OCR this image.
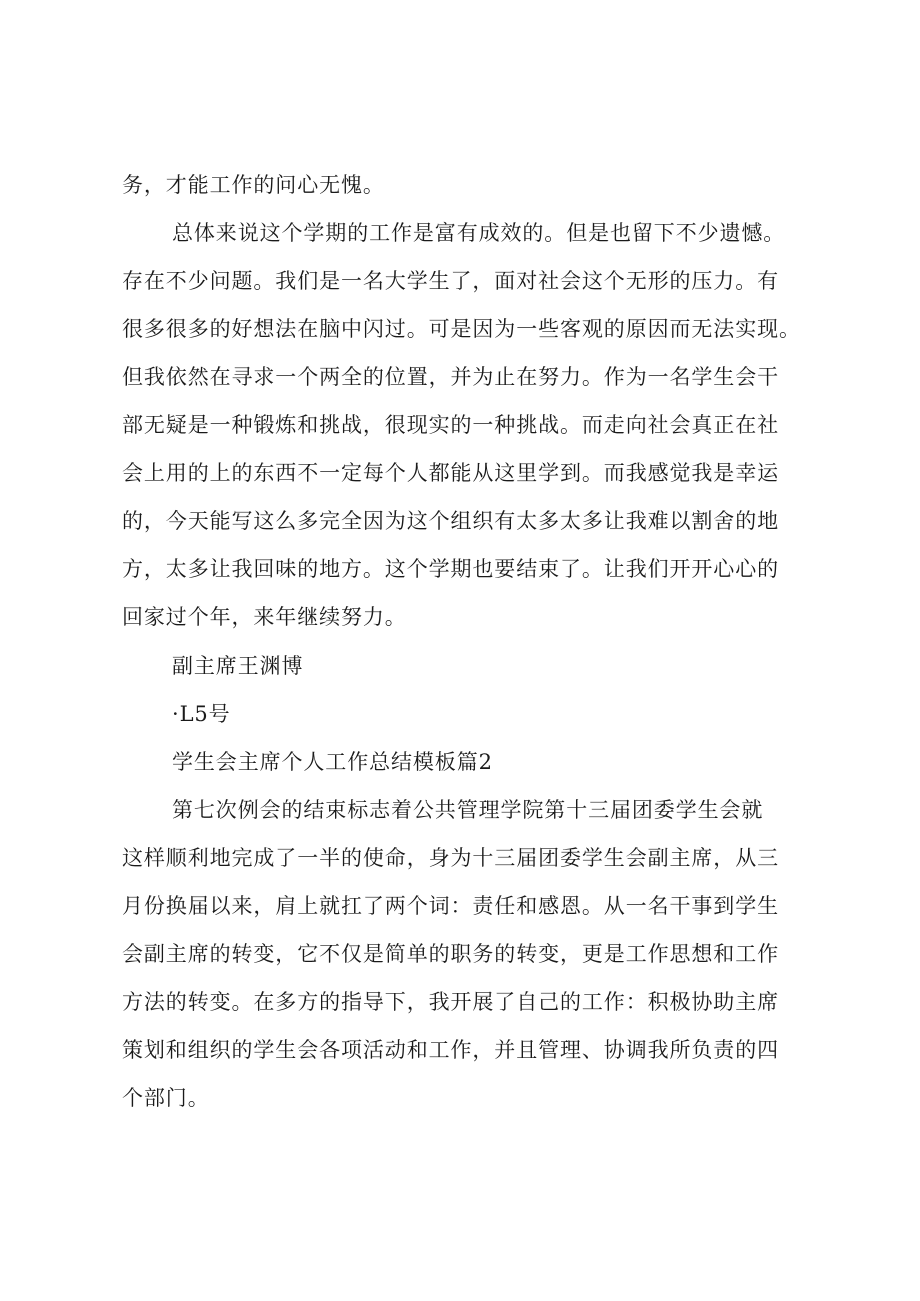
务，才能工作的问心无愧。

总体来说这个学期的工作是富有成效的。但是也留下不少遗憾。

存在不少问题。我们是一名大学生了，面对社会这个无形的压力。有

很多很多的好想法在脑中闪过。可是因为一些客观的原因而无法实现。

但我依然在寻求一个两全的位置，并为止在努力。作为一名学生会干

部无疑是一种锻炼和挑战，很现实的一种挑战。而走向社会真正在社

会上用的上的东西不一定每个人都能从这里学到。而我感觉我是幸运

的，今天能写这么多完全因为这个组织有太多太多让我难以割舍的地

方，太多让我回味的地方。这个学期也要结束了。让我们开开心心的

回家过个年，来年继续努力。

副主席王渊博

·L5号

学生会主席个人工作总结模板篇2

第七次例会的结束标志着公共管理学院第十三届团委学生会就

这样顺利地完成了一半的使命，身为十三届团委学生会副主席，从三

月份换届以来，肩上就扛了两个词：责任和感恩。从一名干事到学生

会副主席的转变，它不仅是简单的职务的转变，更是工作思想和工作

方法的转变。在多方的指导下，我开展了自己的工作：积极协助主席

策划和组织的学生会各项活动和工作，并且管理、协调我所负责的四

个部门。
